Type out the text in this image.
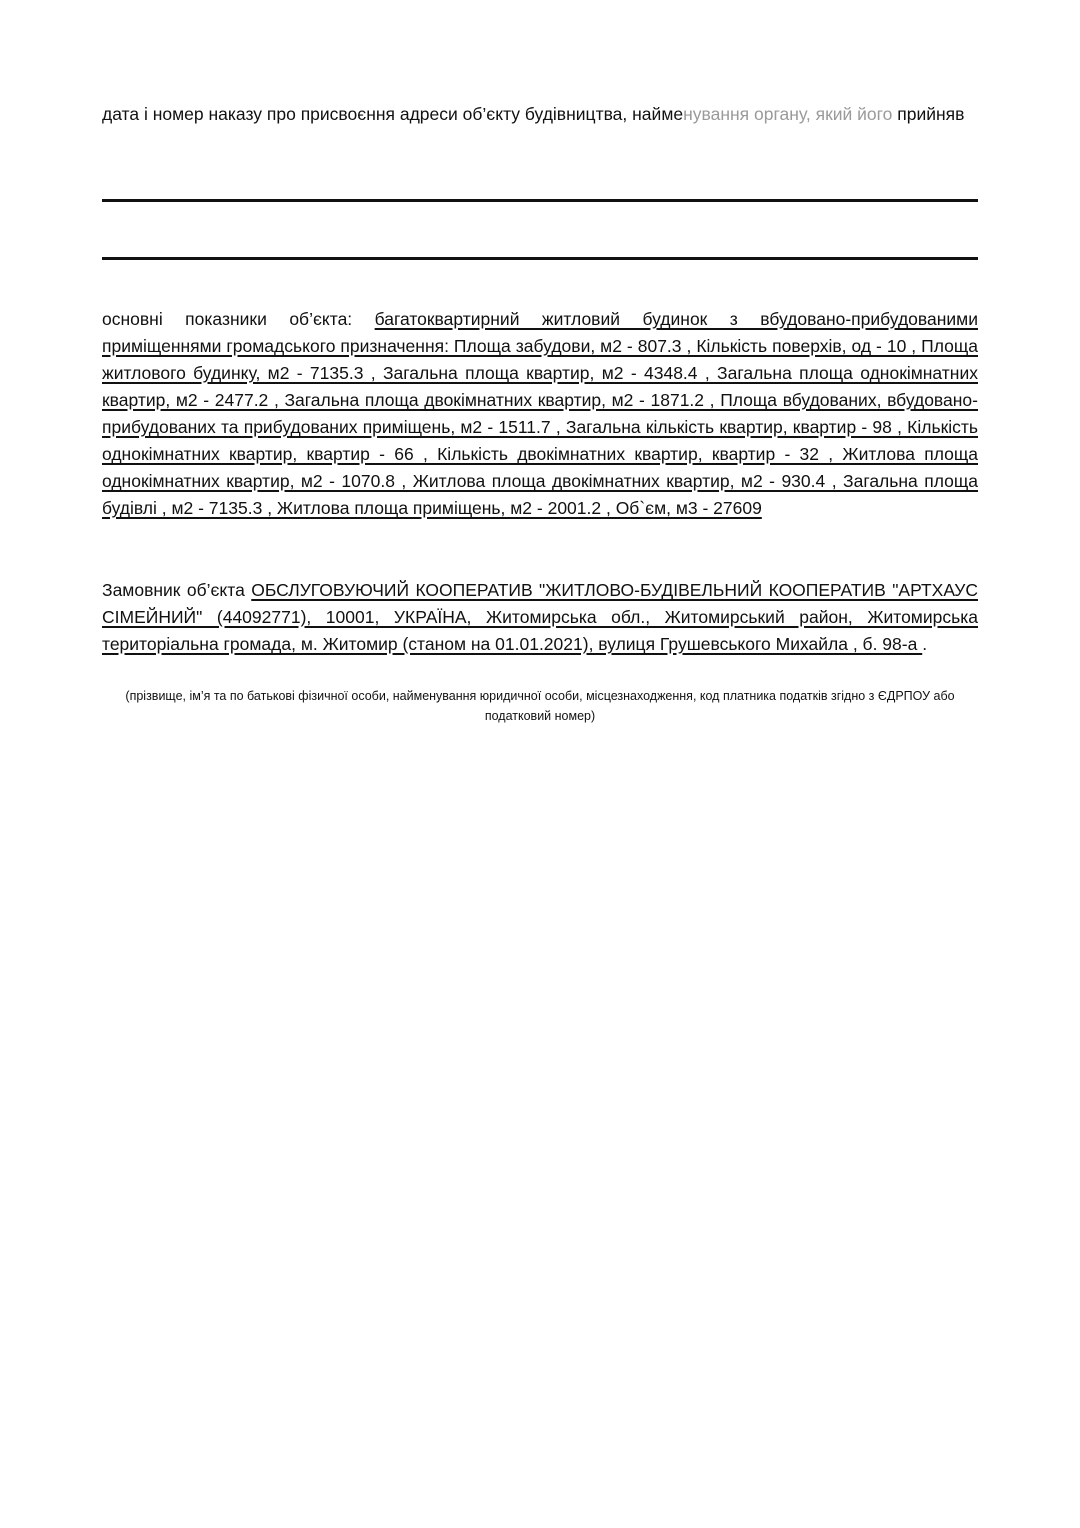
дата і номер наказу про присвоєння адреси об’єкту будівництва, найменування органу, який його прийняв

основні показники об’єкта: багатоквартирний житловий будинок з вбудовано-прибудованими приміщеннями громадського призначення: Площа забудови, м2 - 807.3 , Кількість поверхів, од - 10 , Площа житлового будинку, м2 - 7135.3 , Загальна площа квартир, м2 - 4348.4 , Загальна площа однокімнатних квартир, м2 - 2477.2 , Загальна площа двокімнатних квартир, м2 - 1871.2 , Площа вбудованих, вбудовано-прибудованих та прибудованих приміщень, м2 - 1511.7 , Загальна кількість квартир, квартир - 98 , Кількість однокімнатних квартир, квартир - 66 , Кількість двокімнатних квартир, квартир - 32 , Житлова площа однокімнатних квартир, м2 - 1070.8 , Житлова площа двокімнатних квартир, м2 - 930.4 , Загальна площа будівлі , м2 - 7135.3 , Житлова площа приміщень, м2 - 2001.2 , Об`єм, м3 - 27609

Замовник об’єкта ОБСЛУГОВУЮЧИЙ КООПЕРАТИВ "ЖИТЛОВО-БУДІВЕЛЬНИЙ КООПЕРАТИВ "АРТХАУС СІМЕЙНИЙ" (44092771), 10001, УКРАЇНА, Житомирська обл., Житомирський район, Житомирська територіальна громада, м. Житомир (станом на 01.01.2021), вулиця Грушевського Михайла , б. 98-а .

(прізвище, ім’я та по батькові фізичної особи, найменування юридичної особи, місцезнаходження, код платника податків згідно з ЄДРПОУ або податковий номер)
